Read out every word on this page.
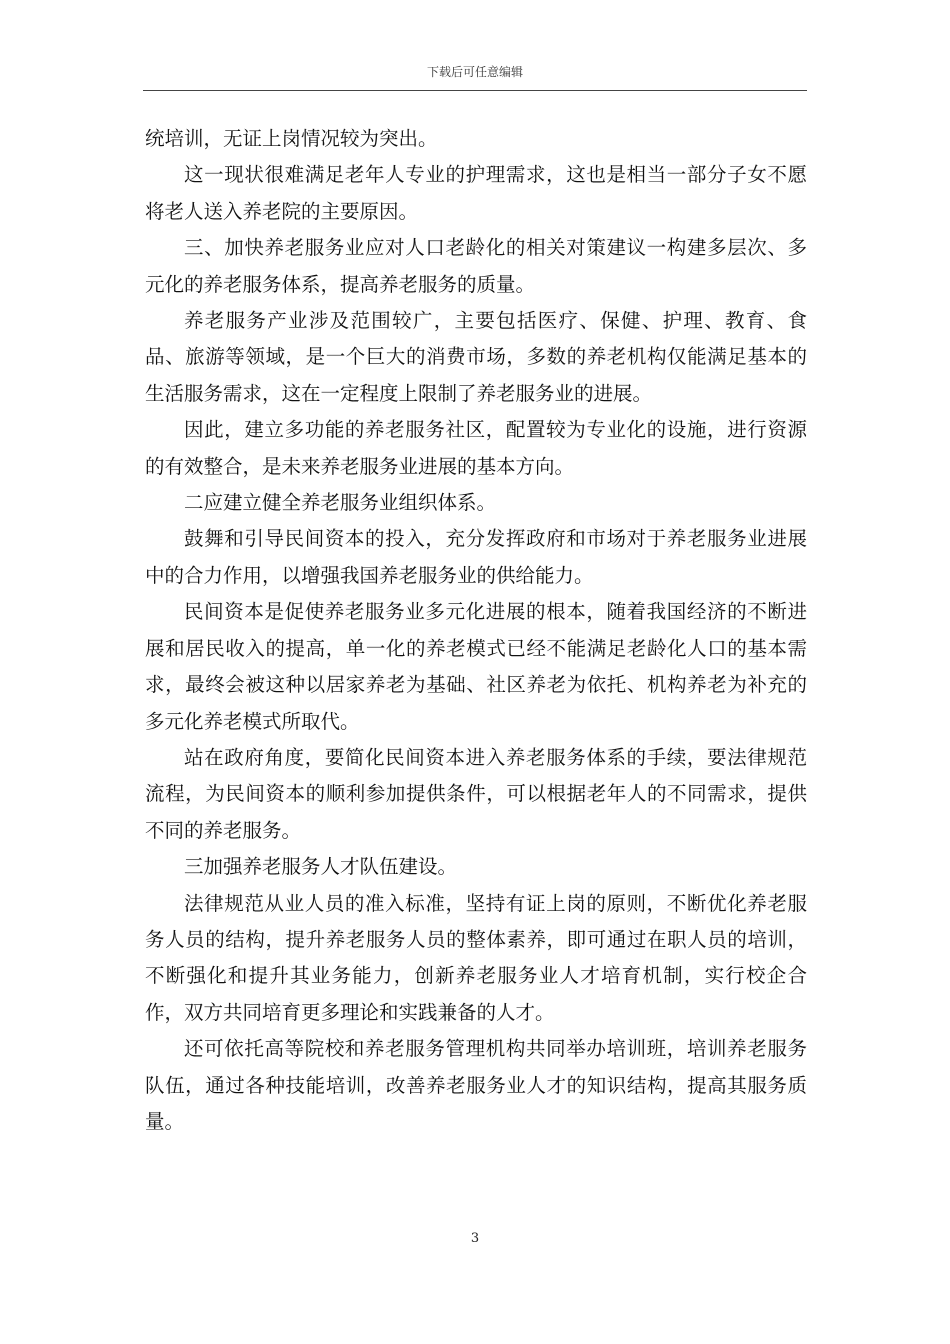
下载后可任意编辑

统培训，无证上岗情况较为突出。

这一现状很难满足老年人专业的护理需求，这也是相当一部分子女不愿将老人送入养老院的主要原因。

三、加快养老服务业应对人口老龄化的相关对策建议一构建多层次、多元化的养老服务体系，提高养老服务的质量。

养老服务产业涉及范围较广，主要包括医疗、保健、护理、教育、食品、旅游等领域，是一个巨大的消费市场，多数的养老机构仅能满足基本的生活服务需求，这在一定程度上限制了养老服务业的进展。

因此，建立多功能的养老服务社区，配置较为专业化的设施，进行资源的有效整合，是未来养老服务业进展的基本方向。

二应建立健全养老服务业组织体系。

鼓舞和引导民间资本的投入，充分发挥政府和市场对于养老服务业进展中的合力作用，以增强我国养老服务业的供给能力。

民间资本是促使养老服务业多元化进展的根本，随着我国经济的不断进展和居民收入的提高，单一化的养老模式已经不能满足老龄化人口的基本需求，最终会被这种以居家养老为基础、社区养老为依托、机构养老为补充的多元化养老模式所取代。

站在政府角度，要简化民间资本进入养老服务体系的手续，要法律规范流程，为民间资本的顺利参加提供条件，可以根据老年人的不同需求，提供不同的养老服务。

三加强养老服务人才队伍建设。

法律规范从业人员的准入标准，坚持有证上岗的原则，不断优化养老服务人员的结构，提升养老服务人员的整体素养，即可通过在职人员的培训，不断强化和提升其业务能力，创新养老服务业人才培育机制，实行校企合作，双方共同培育更多理论和实践兼备的人才。

还可依托高等院校和养老服务管理机构共同举办培训班，培训养老服务队伍，通过各种技能培训，改善养老服务业人才的知识结构，提高其服务质量。

3
